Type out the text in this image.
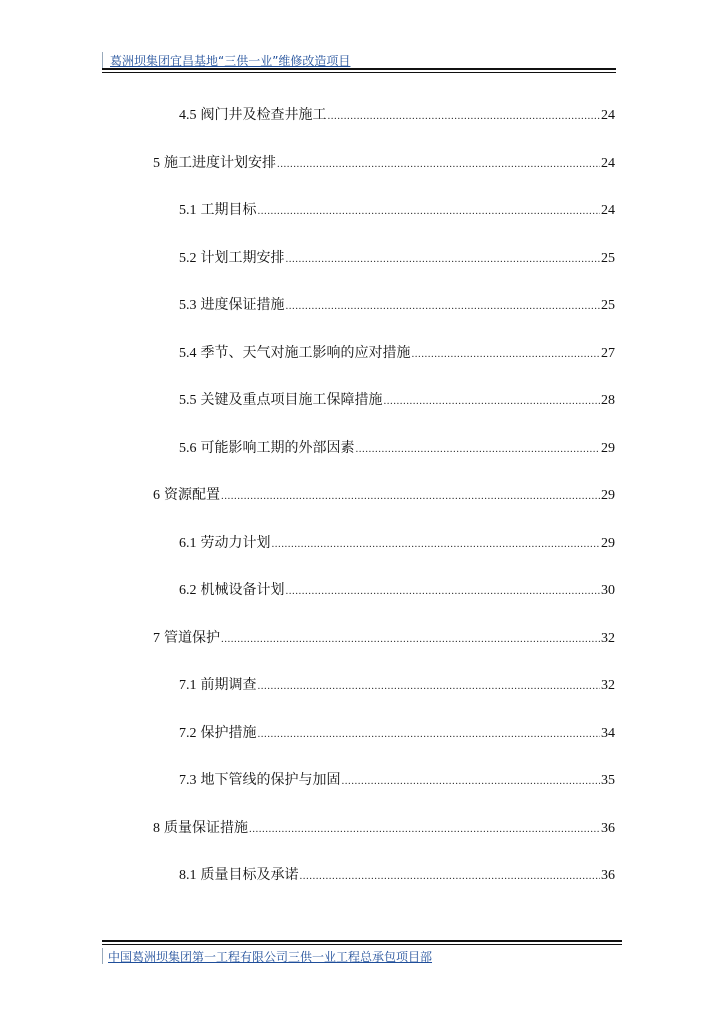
葛洲坝集团宜昌基地“三供一业”维修改造项目
4.5 阀门井及检查井施工 .....	24
5 施工进度计划安排 .....	24
5.1 工期目标 .....	24
5.2 计划工期安排 .....	25
5.3 进度保证措施 .....	25
5.4 季节、天气对施工影响的应对措施 .....	27
5.5 关键及重点项目施工保障措施 .....	28
5.6 可能影响工期的外部因素 .....	29
6 资源配置 .....	29
6.1 劳动力计划 .....	29
6.2 机械设备计划 .....	30
7 管道保护 .....	32
7.1 前期调查 .....	32
7.2 保护措施 .....	34
7.3 地下管线的保护与加固 .....	35
8 质量保证措施 .....	36
8.1 质量目标及承诺 .....	36
中国葛洲坝集团第一工程有限公司三供一业工程总承包项目部
